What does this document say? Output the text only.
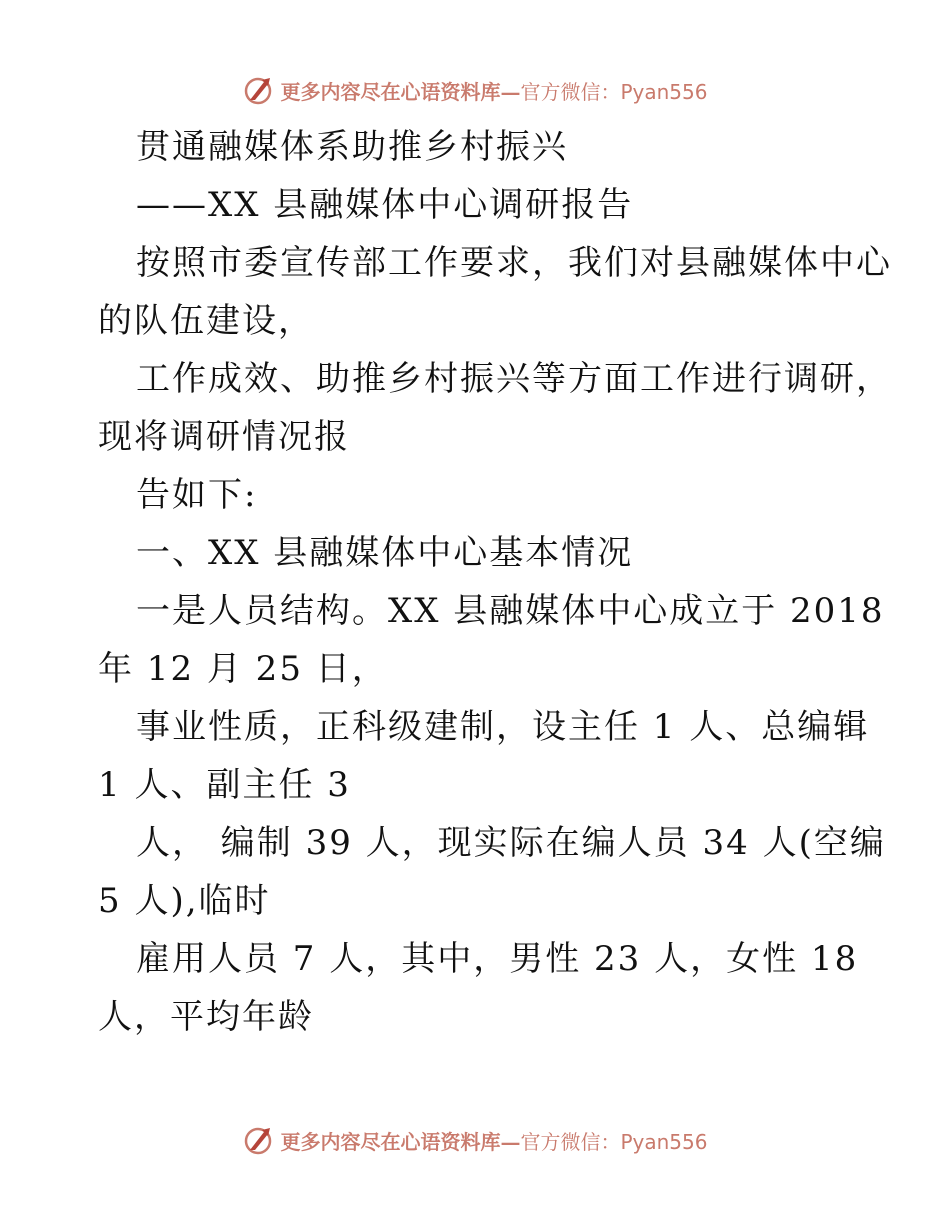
更多内容尽在心语资料库— 官方微信：Pyan556
贯通融媒体系助推乡村振兴
——XX 县融媒体中心调研报告
按照市委宣传部工作要求，我们对县融媒体中心
的队伍建设，
工作成效、助推乡村振兴等方面工作进行调研，
现将调研情况报
告如下:
一、XX 县融媒体中心基本情况
一是人员结构。XX 县融媒体中心成立于 2018
年 12 月 25 日，
事业性质，正科级建制，设主任 1 人、总编辑
1 人、副主任 3
人， 编制 39 人，现实际在编人员 34 人(空编
5 人),临时
雇用人员 7 人，其中，男性 23 人，女性 18
人，平均年龄
更多内容尽在心语资料库— 官方微信：Pyan556
